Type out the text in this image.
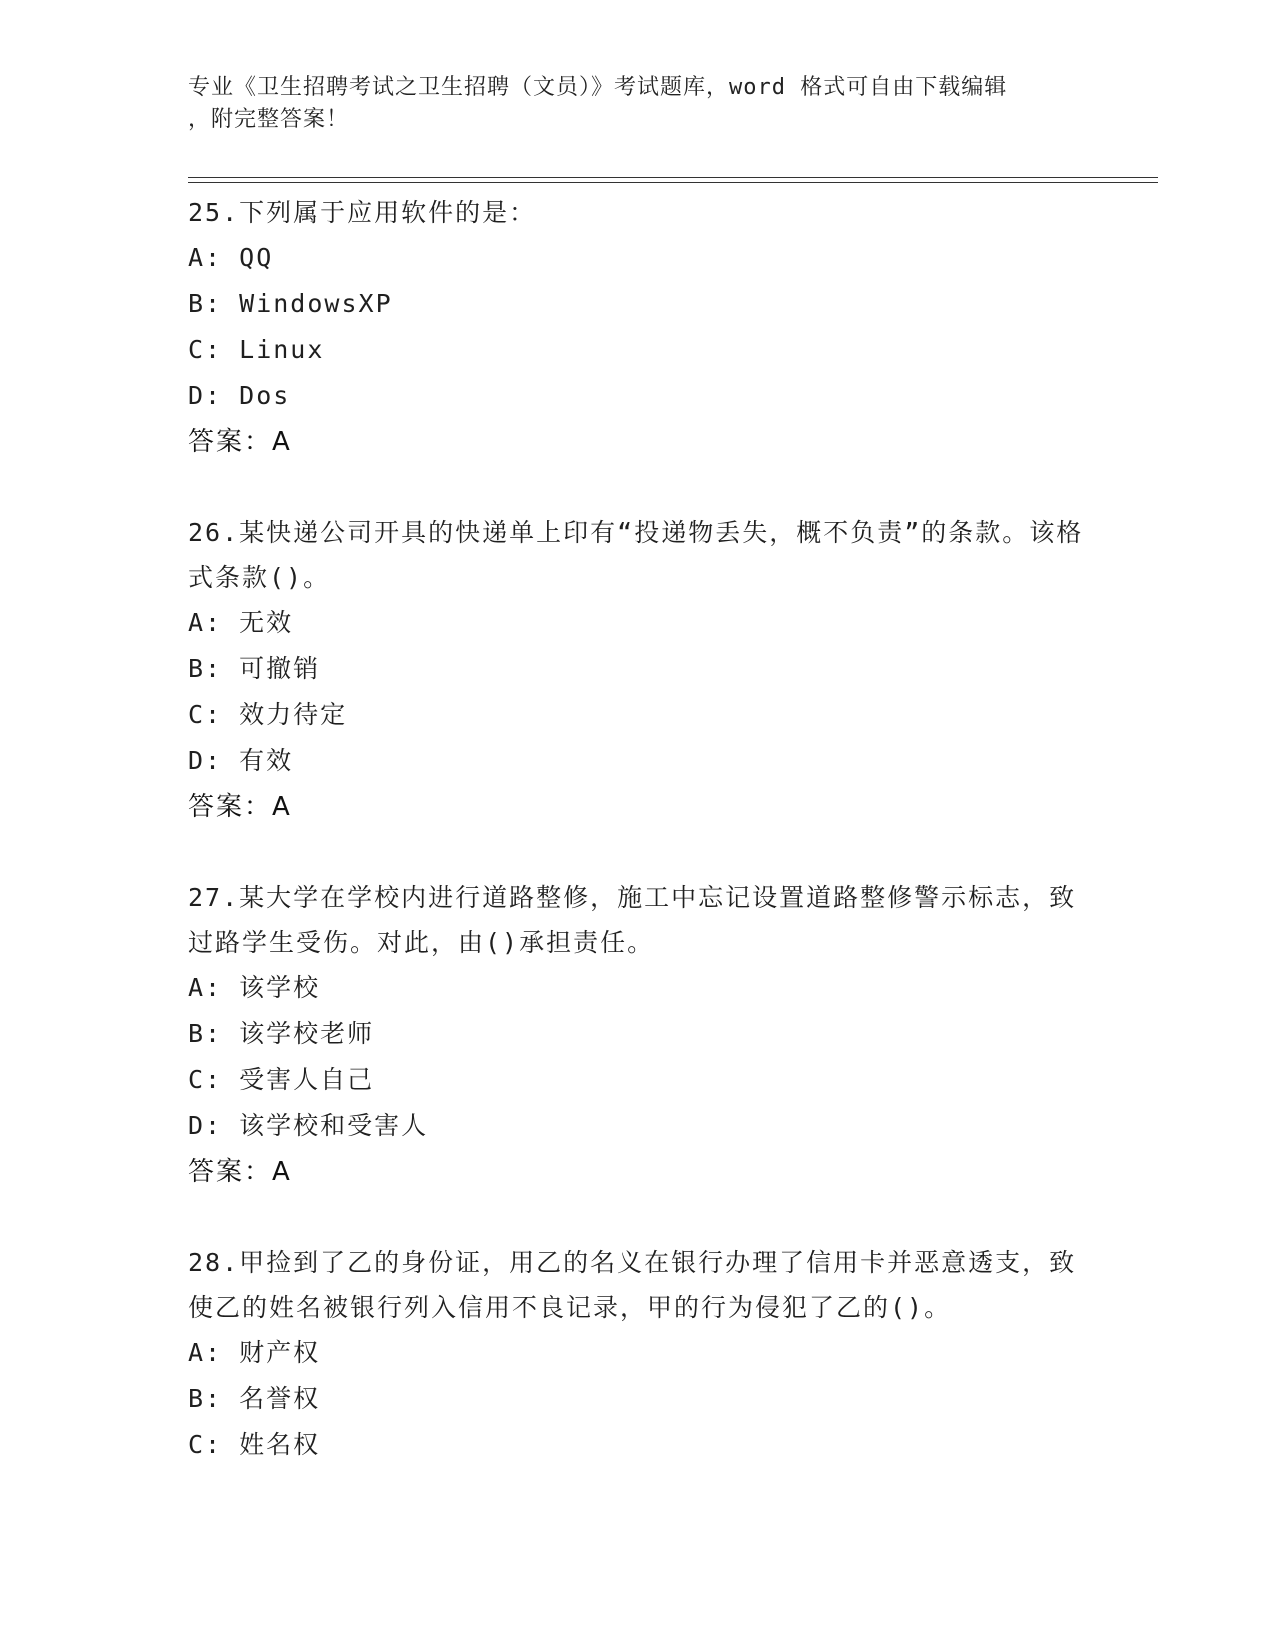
专业《卫生招聘考试之卫生招聘（文员）》考试题库，word 格式可自由下载编辑
，附完整答案！
25.下列属于应用软件的是：
A: QQ
B: WindowsXP
C: Linux
D: Dos
答案：A
26.某快递公司开具的快递单上印有“投递物丢失，概不负责”的条款。该格式条款()。
A: 无效
B: 可撤销
C: 效力待定
D: 有效
答案：A
27.某大学在学校内进行道路整修，施工中忘记设置道路整修警示标志，致过路学生受伤。对此，由()承担责任。
A: 该学校
B: 该学校老师
C: 受害人自己
D: 该学校和受害人
答案：A
28.甲捡到了乙的身份证，用乙的名义在银行办理了信用卡并恶意透支，致使乙的姓名被银行列入信用不良记录，甲的行为侵犯了乙的()。
A: 财产权
B: 名誉权
C: 姓名权
